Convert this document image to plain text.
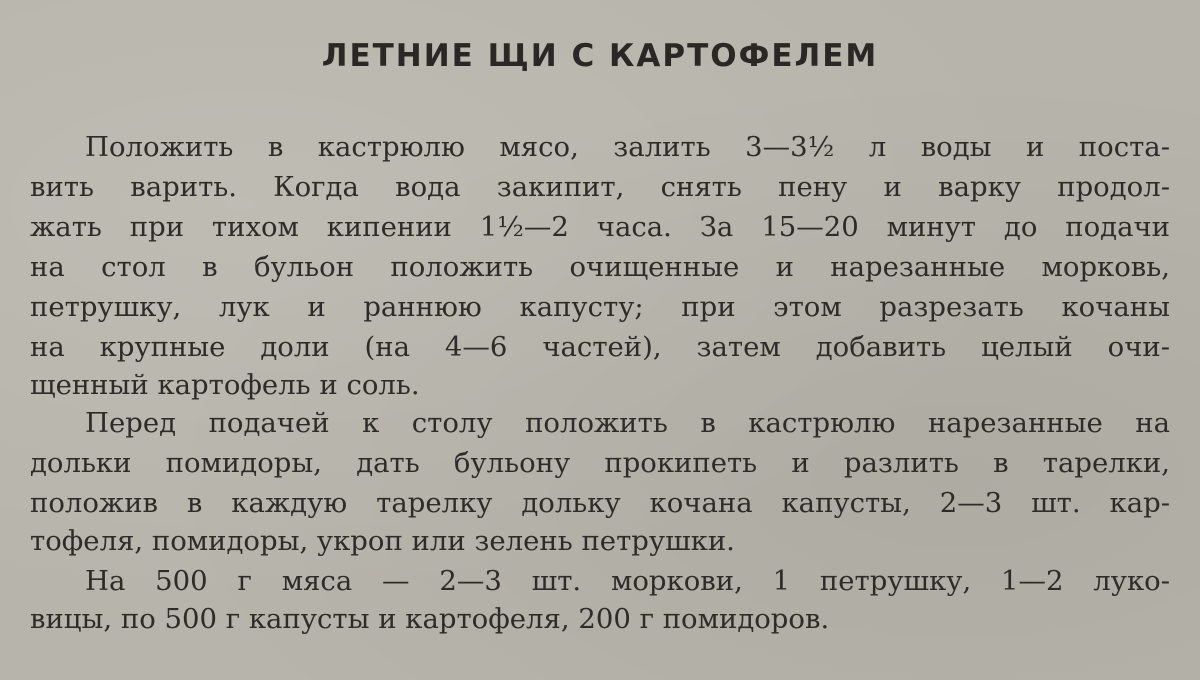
ЛЕТНИЕ ЩИ С КАРТОФЕЛЕМ
Положить в кастрюлю мясо, залить 3—3½ л воды и поста-
вить варить. Когда вода закипит, снять пену и варку продол-
жать при тихом кипении 1½—2 часа. За 15—20 минут до подачи
на стол в бульон положить очищенные и нарезанные морковь,
петрушку, лук и раннюю капусту; при этом разрезать кочаны
на крупные доли (на 4—6 частей), затем добавить целый очи-
щенный картофель и соль.
Перед подачей к столу положить в кастрюлю нарезанные на
дольки помидоры, дать бульону прокипеть и разлить в тарелки,
положив в каждую тарелку дольку кочана капусты, 2—3 шт. кар-
тофеля, помидоры, укроп или зелень петрушки.
На 500 г мяса — 2—3 шт. моркови, 1 петрушку, 1—2 луко-
вицы, по 500 г капусты и картофеля, 200 г помидоров.
